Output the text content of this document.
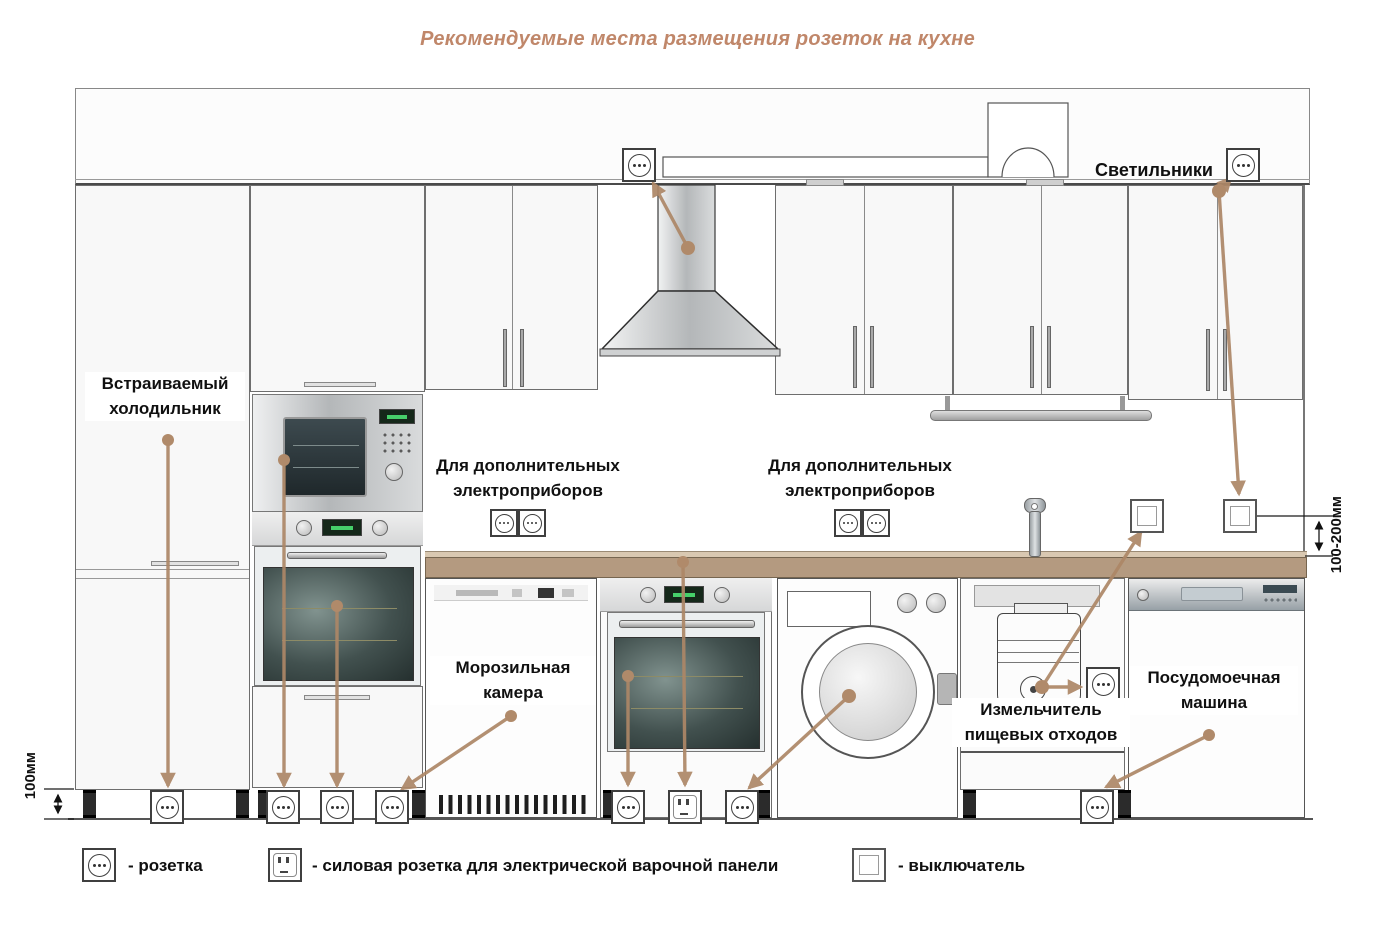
Рекомендуемые места размещения розеток на кухне
Светильники
Встраиваемый холодильник
Для дополнительных электроприборов
Для дополнительных электроприборов
Морозильная камера
Измельчитель пищевых отходов
Посудомоечная машина
100-200мм
100мм
- розетка	- силовая розетка для электрической варочной панели	- выключатель
